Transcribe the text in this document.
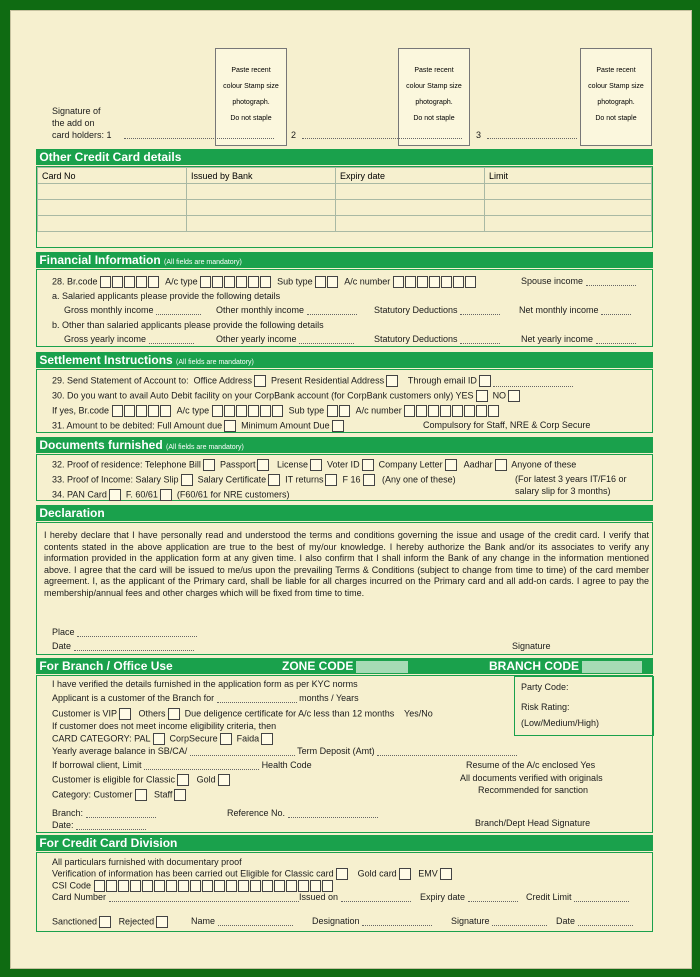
Paste recent
colour Stamp size
photograph.
Do not staple
Paste recent
colour Stamp size
photograph.
Do not staple
Paste recent
colour Stamp size
photograph.
Do not staple
Signature of
the add on
card holders: 1	2	3
Other Credit Card details
Card No	Issued by Bank	Expiry date	Limit

Financial Information (All fields are mandatory)
28. Br.code	A/c type	Sub type	A/c number	Spouse income
a. Salaried applicants please provide the following details
Gross monthly income	Other monthly income	Statutory Deductions	Net monthly income
b. Other than salaried applicants please provide the following details
Gross yearly income	Other yearly income	Statutory Deductions	Net yearly income
Settlement Instructions (All fields are mandatory)
29. Send Statement of Account to: Office Address Present Residential Address	Through email ID
30. Do you want to avail Auto Debit facility on your CorpBank account (for CorpBank customers only) YES NO
If yes, Br.code	A/c type	Sub type	A/c number
31. Amount to be debited: Full Amount due Minimum Amount Due	Compulsory for Staff, NRE & Corp Secure
Documents furnished (All fields are mandatory)
32. Proof of residence: Telephone Bill Passport License Voter ID Company Letter Aadhar Anyone of these
33. Proof of Income: Salary Slip Salary Certificate IT returns F 16 (Any one of these)	(For latest 3 years IT/F16 or
salary slip for 3 months)
34. PAN Card F. 60/61 (F60/61 for NRE customers)
Declaration
I hereby declare that I have personally read and understood the terms and conditions governing the issue and usage of the credit card. I verify that contents stated in the above application are true to the best of my/our knowledge. I hereby authorize the Bank and/or its associates to verify any information provided in the application form at any given time. I also confirm that I shall inform the Bank of any change in the information mentioned above. I agree that the card will be issued to me/us upon the prevailing Terms & Conditions (subject to change from time to time) of the card member agreement. I, as the applicant of the Primary card, shall be liable for all charges incurred on the Primary card and all add-on cards. I agree to pay the membership/annual fees and other charges which will be fixed from time to time.
Place
Date	Signature
For Branch / Office Use	ZONE CODE	BRANCH CODE
Party Code:
Risk Rating:
(Low/Medium/High)
I have verified the details furnished in the application form as per KYC norms
Applicant is a customer of the Branch for	months / Years
Customer is VIP Others Due deligence certificate for A/c less than 12 months Yes/No
If customer does not meet income eligibility criteria, then
CARD CATEGORY: PAL CorpSecure Faida
Yearly average balance in SB/CA/	Term Deposit (Amt)
If borrowal client, Limit	Health Code	Resume of the A/c enclosed Yes
Customer is eligible for Classic Gold	All documents verified with originals
Recommended for sanction
Category: Customer Staff
Branch:	Reference No.
Date:	Branch/Dept Head Signature
For Credit Card Division
All particulars furnished with documentary proof
Verification of information has been carried out Eligible for Classic card	Gold card EMV
CSI Code
Card Number	Issued on	Expiry date	Credit Limit
Sanctioned Rejected	Name	Designation	Signature	Date
